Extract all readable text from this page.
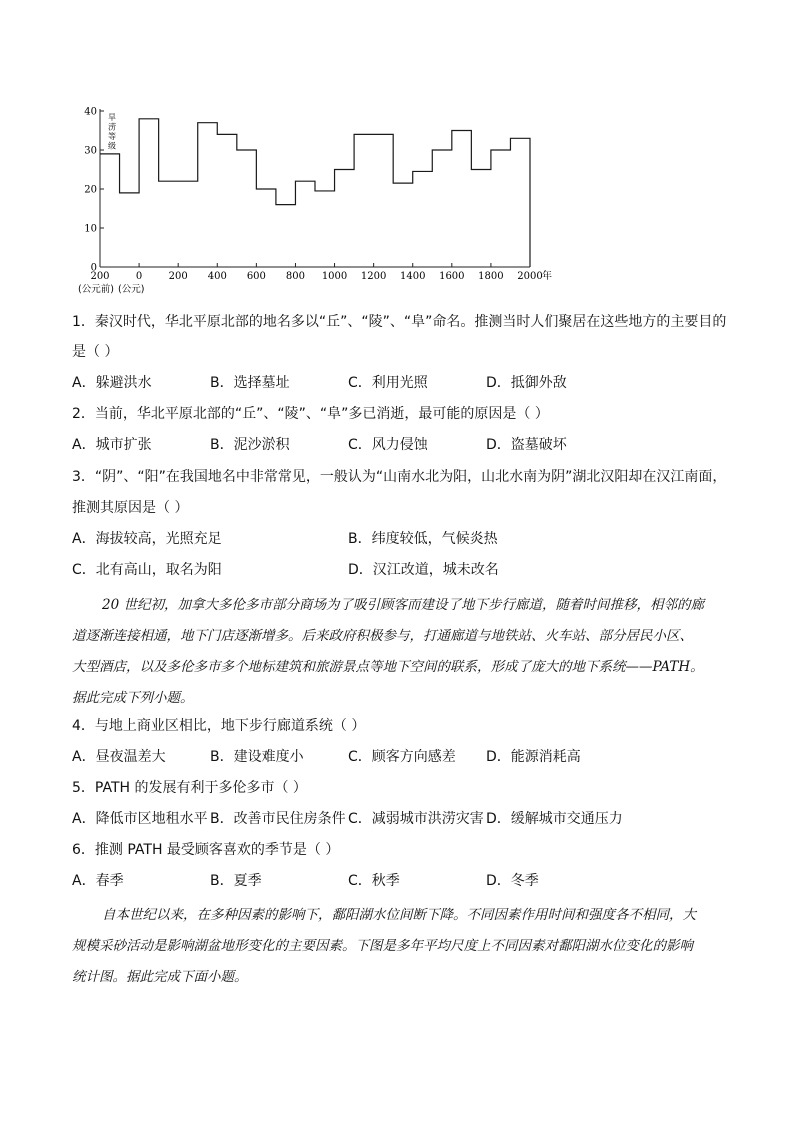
0
10
20
30
40
200	0	200 400 600 800 1000 1200 1400 1600 1800 2000 年
(公元前) (公元)
旱
涝
等
级
1．秦汉时代，华北平原北部的地名多以“丘”、“陵”、“阜”命名。推测当时人们聚居在这些地方的主要目的
是（ ）
A．躲避洪水	B．选择墓址	C．利用光照	D．抵御外敌
2．当前，华北平原北部的“丘”、“陵”、“阜”多已消逝，最可能的原因是（ ）
A．城市扩张	B．泥沙淤积	C．风力侵蚀	D．盗墓破坏
3．“阴”、“阳”在我国地名中非常常见，一般认为“山南水北为阳，山北水南为阴”湖北汉阳却在汉江南面，
推测其原因是（ ）
A．海拔较高，光照充足	B．纬度较低，气候炎热
C．北有高山，取名为阳	D．汉江改道，城未改名
20 世纪初，加拿大多伦多市部分商场为了吸引顾客而建设了地下步行廊道，随着时间推移，相邻的廊
道逐渐连接相通，地下门店逐渐增多。后来政府积极参与，打通廊道与地铁站、火车站、部分居民小区、
大型酒店，以及多伦多市多个地标建筑和旅游景点等地下空间的联系，形成了庞大的地下系统——PATH。
据此完成下列小题。
4．与地上商业区相比，地下步行廊道系统（ ）
A．昼夜温差大	B．建设难度小	C．顾客方向感差 D．能源消耗高
5．PATH 的发展有利于多伦多市（ ）
A．降低市区地租水平 B．改善市民住房条件 C．减弱城市洪涝灾害 D．缓解城市交通压力
6．推测 PATH 最受顾客喜欢的季节是（ ）
A．春季	B．夏季	C．秋季	D．冬季
自本世纪以来，在多种因素的影响下，鄱阳湖水位间断下降。不同因素作用时间和强度各不相同，大
规模采砂活动是影响湖盆地形变化的主要因素。下图是多年平均尺度上不同因素对鄱阳湖水位变化的影响
统计图。据此完成下面小题。
